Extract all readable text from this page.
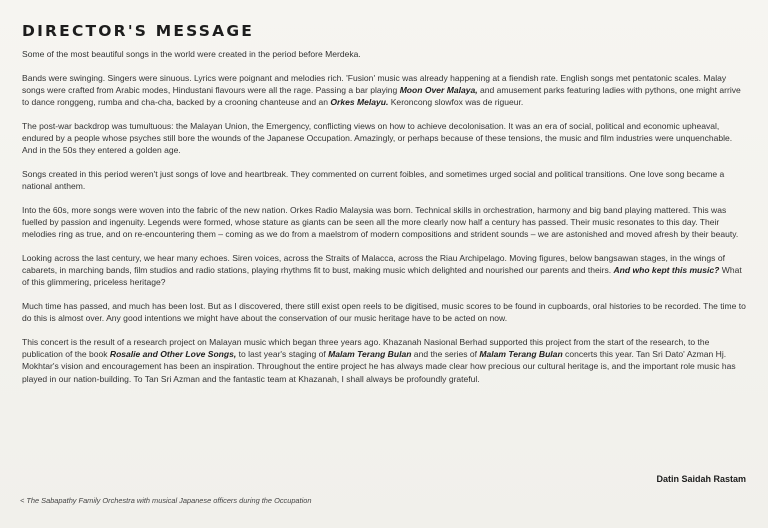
DIRECTOR'S MESSAGE

Some of the most beautiful songs in the world were created in the period before Merdeka.

Bands were swinging. Singers were sinuous. Lyrics were poignant and melodies rich. 'Fusion' music was already happening at a fiendish rate. English songs met pentatonic scales. Malay songs were crafted from Arabic modes, Hindustani flavours were all the rage. Passing a bar playing Moon Over Malaya, and amusement parks featuring ladies with pythons, one might arrive to dance ronggeng, rumba and cha-cha, backed by a crooning chanteuse and an Orkes Melayu. Keroncong slowfox was de rigueur.

The post-war backdrop was tumultuous: the Malayan Union, the Emergency, conflicting views on how to achieve decolonisation. It was an era of social, political and economic upheaval, endured by a people whose psyches still bore the wounds of the Japanese Occupation. Amazingly, or perhaps because of these tensions, the music and film industries were unquenchable. And in the 50s they entered a golden age.

Songs created in this period weren't just songs of love and heartbreak. They commented on current foibles, and sometimes urged social and political transitions. One love song became a national anthem.

Into the 60s, more songs were woven into the fabric of the new nation. Orkes Radio Malaysia was born. Technical skills in orchestration, harmony and big band playing mattered. This was fuelled by passion and ingenuity. Legends were formed, whose stature as giants can be seen all the more clearly now half a century has passed. Their music resonates to this day. Their melodies ring as true, and on re-encountering them – coming as we do from a maelstrom of modern compositions and strident sounds – we are astonished and moved afresh by their beauty.

Looking across the last century, we hear many echoes. Siren voices, across the Straits of Malacca, across the Riau Archipelago. Moving figures, below bangsawan stages, in the wings of cabarets, in marching bands, film studios and radio stations, playing rhythms fit to bust, making music which delighted and nourished our parents and theirs. And who kept this music? What of this glimmering, priceless heritage?

Much time has passed, and much has been lost. But as I discovered, there still exist open reels to be digitised, music scores to be found in cupboards, oral histories to be recorded. The time to do this is almost over. Any good intentions we might have about the conservation of our music heritage have to be acted on now.

This concert is the result of a research project on Malayan music which began three years ago. Khazanah Nasional Berhad supported this project from the start of the research, to the publication of the book Rosalie and Other Love Songs, to last year's staging of Malam Terang Bulan and the series of Malam Terang Bulan concerts this year. Tan Sri Dato' Azman Hj. Mokhtar's vision and encouragement has been an inspiration. Throughout the entire project he has always made clear how precious our cultural heritage is, and the important role music has played in our nation-building. To Tan Sri Azman and the fantastic team at Khazanah, I shall always be profoundly grateful.

Datin Saidah Rastam
< The Sabapathy Family Orchestra with musical Japanese officers during the Occupation
